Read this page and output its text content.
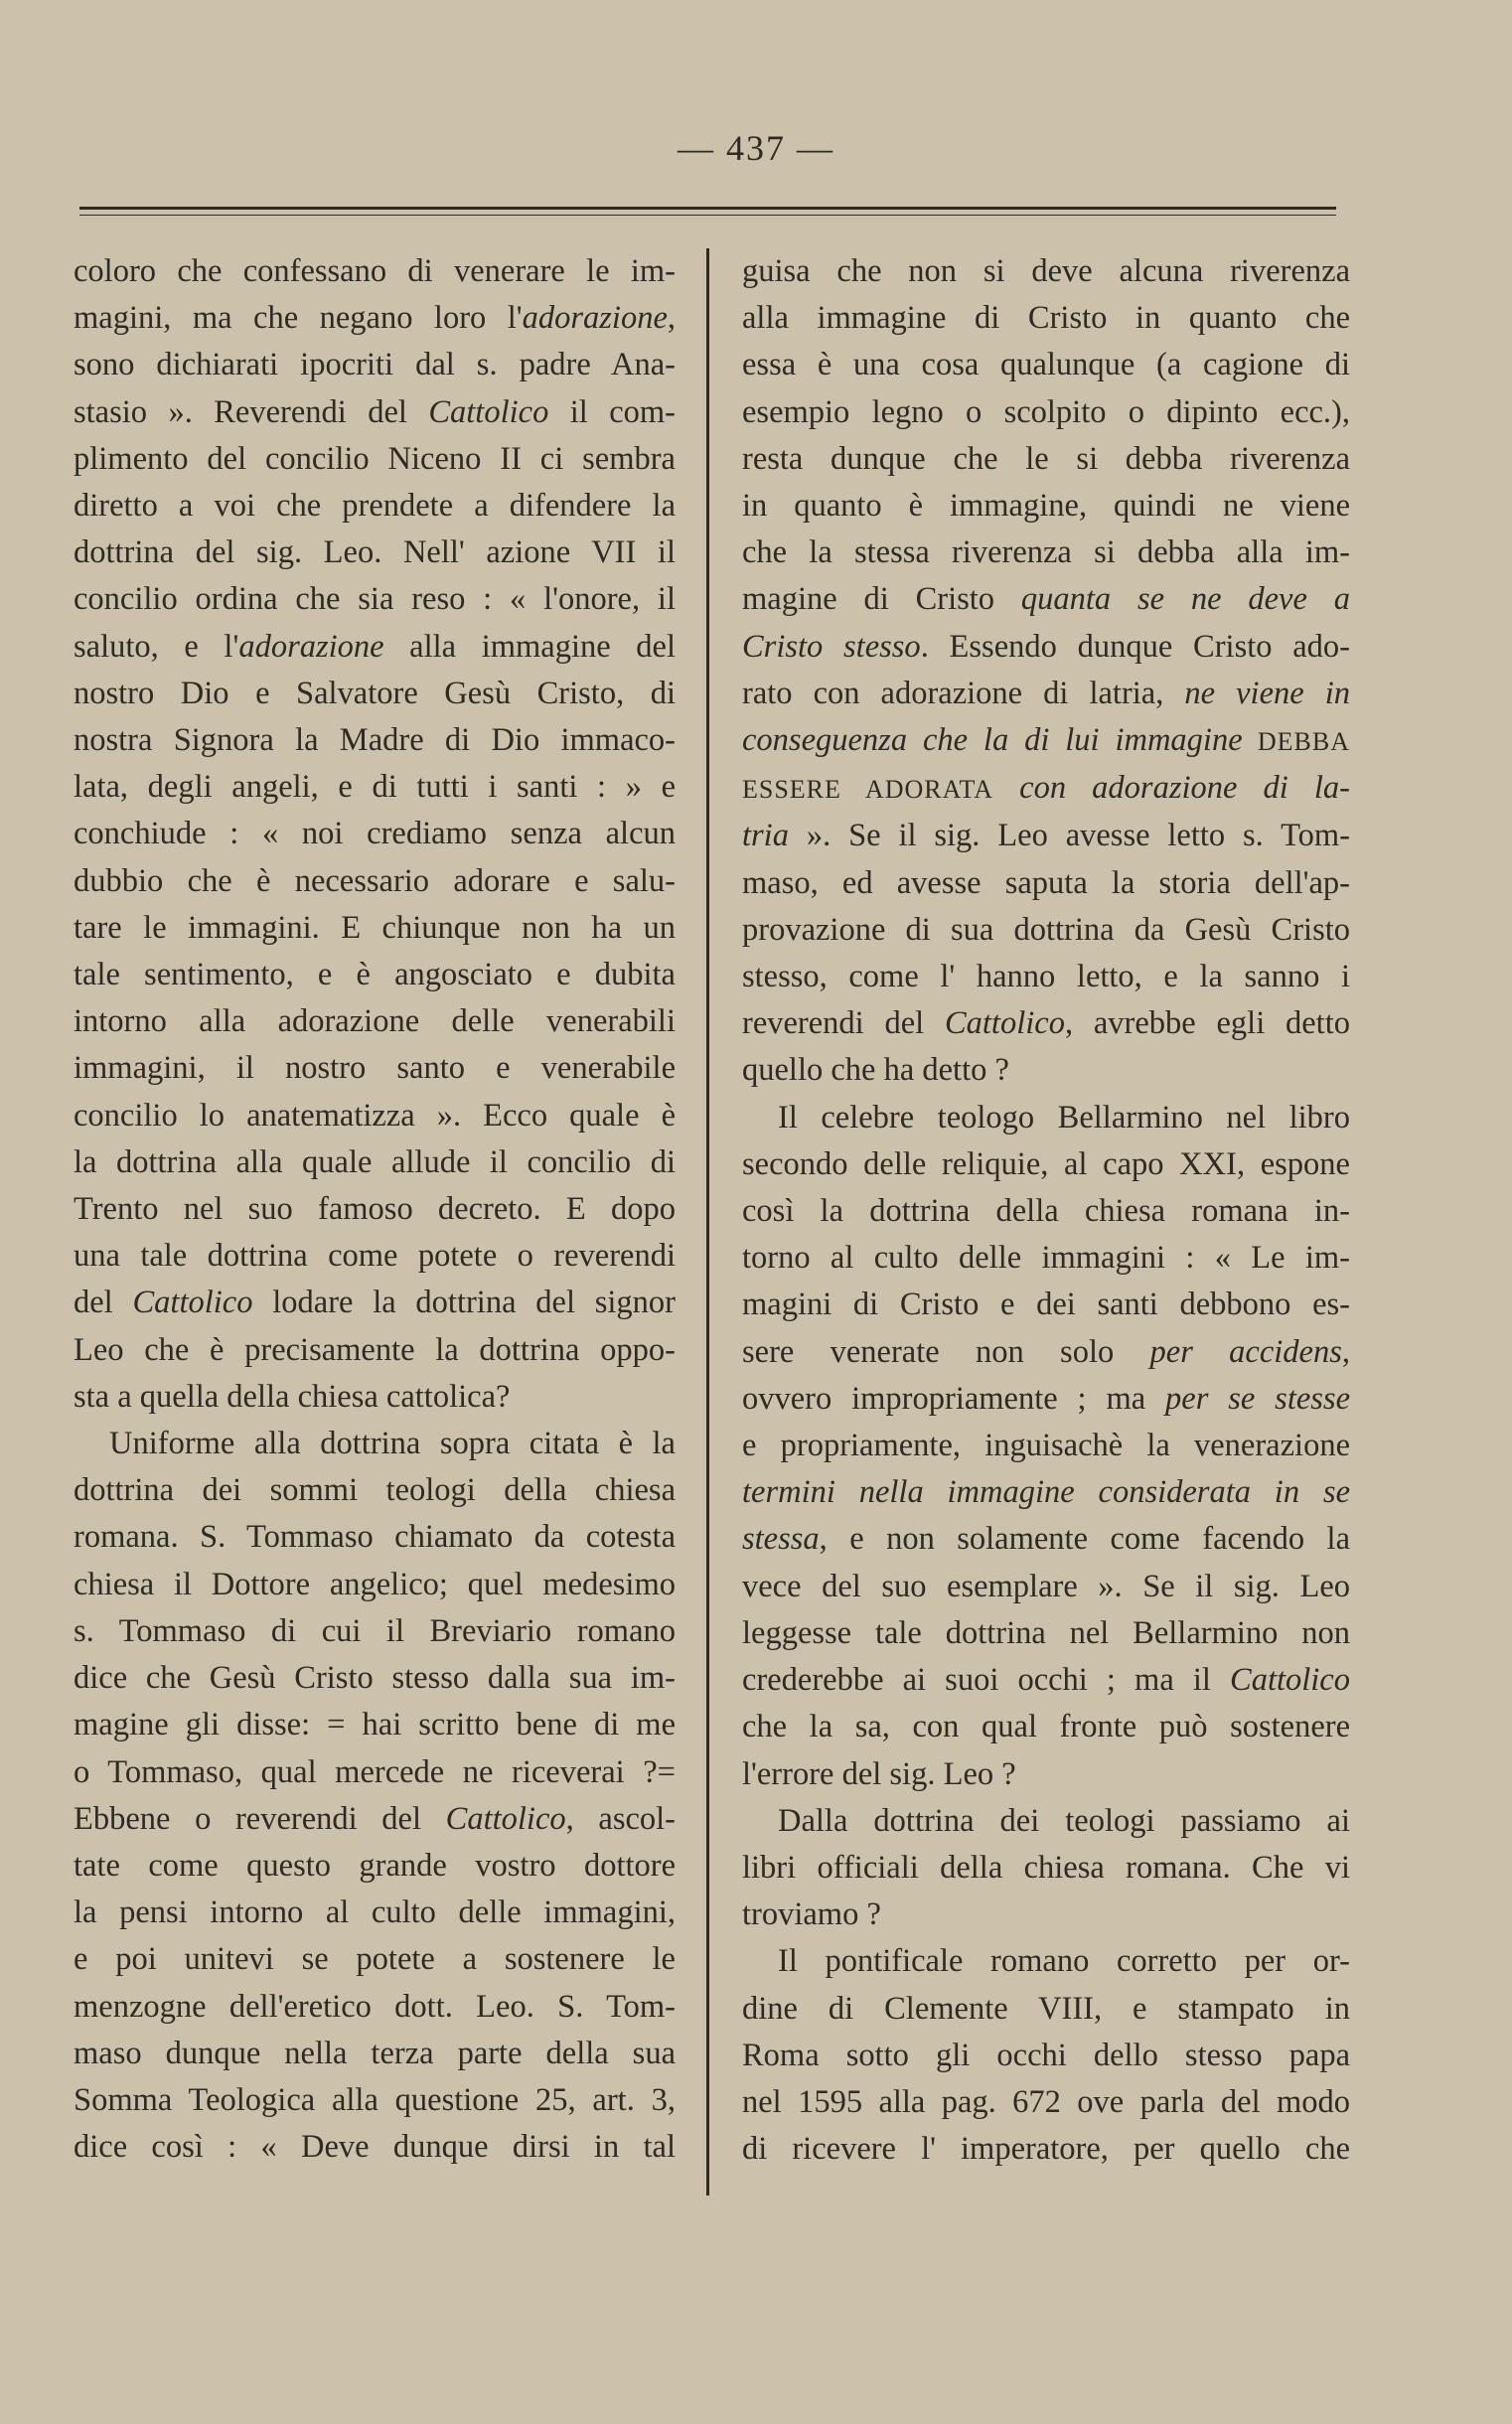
— 437 —
coloro che confessano di venerare le im-
magini, ma che negano loro l'adorazione,
sono dichiarati ipocriti dal s. padre Ana-
stasio ». Reverendi del Cattolico il com-
plimento del concilio Niceno II ci sembra
diretto a voi che prendete a difendere la
dottrina del sig. Leo. Nell' azione VII il
concilio ordina che sia reso : « l'onore, il
saluto, e l'adorazione alla immagine del
nostro Dio e Salvatore Gesù Cristo, di
nostra Signora la Madre di Dio immaco-
lata, degli angeli, e di tutti i santi : » e
conchiude : « noi crediamo senza alcun
dubbio che è necessario adorare e salu-
tare le immagini. E chiunque non ha un
tale sentimento, e è angosciato e dubita
intorno alla adorazione delle venerabili
immagini, il nostro santo e venerabile
concilio lo anatematizza ». Ecco quale è
la dottrina alla quale allude il concilio di
Trento nel suo famoso decreto. E dopo
una tale dottrina come potete o reverendi
del Cattolico lodare la dottrina del signor
Leo che è precisamente la dottrina oppo-
sta a quella della chiesa cattolica?
Uniforme alla dottrina sopra citata è la
dottrina dei sommi teologi della chiesa
romana. S. Tommaso chiamato da cotesta
chiesa il Dottore angelico; quel medesimo
s. Tommaso di cui il Breviario romano
dice che Gesù Cristo stesso dalla sua im-
magine gli disse: = hai scritto bene di me
o Tommaso, qual mercede ne riceverai ?=
Ebbene o reverendi del Cattolico, ascol-
tate come questo grande vostro dottore
la pensi intorno al culto delle immagini,
e poi unitevi se potete a sostenere le
menzogne dell'eretico dott. Leo. S. Tom-
maso dunque nella terza parte della sua
Somma Teologica alla questione 25, art. 3,
dice così : « Deve dunque dirsi in tal
guisa che non si deve alcuna riverenza
alla immagine di Cristo in quanto che
essa è una cosa qualunque (a cagione di
esempio legno o scolpito o dipinto ecc.),
resta dunque che le si debba riverenza
in quanto è immagine, quindi ne viene
che la stessa riverenza si debba alla im-
magine di Cristo quanta se ne deve a
Cristo stesso. Essendo dunque Cristo ado-
rato con adorazione di latria, ne viene in
conseguenza che la di lui immagine DEBBA
ESSERE ADORATA con adorazione di la-
tria ». Se il sig. Leo avesse letto s. Tom-
maso, ed avesse saputa la storia dell'ap-
provazione di sua dottrina da Gesù Cristo
stesso, come l' hanno letto, e la sanno i
reverendi del Cattolico, avrebbe egli detto
quello che ha detto ?
Il celebre teologo Bellarmino nel libro
secondo delle reliquie, al capo XXI, espone
così la dottrina della chiesa romana in-
torno al culto delle immagini : « Le im-
magini di Cristo e dei santi debbono es-
sere venerate non solo per accidens,
ovvero impropriamente ; ma per se stesse
e propriamente, inguisachè la venerazione
termini nella immagine considerata in se
stessa, e non solamente come facendo la
vece del suo esemplare ». Se il sig. Leo
leggesse tale dottrina nel Bellarmino non
crederebbe ai suoi occhi ; ma il Cattolico
che la sa, con qual fronte può sostenere
l'errore del sig. Leo ?
Dalla dottrina dei teologi passiamo ai
libri officiali della chiesa romana. Che vi
troviamo ?
Il pontificale romano corretto per or-
dine di Clemente VIII, e stampato in
Roma sotto gli occhi dello stesso papa
nel 1595 alla pag. 672 ove parla del modo
di ricevere l' imperatore, per quello che
